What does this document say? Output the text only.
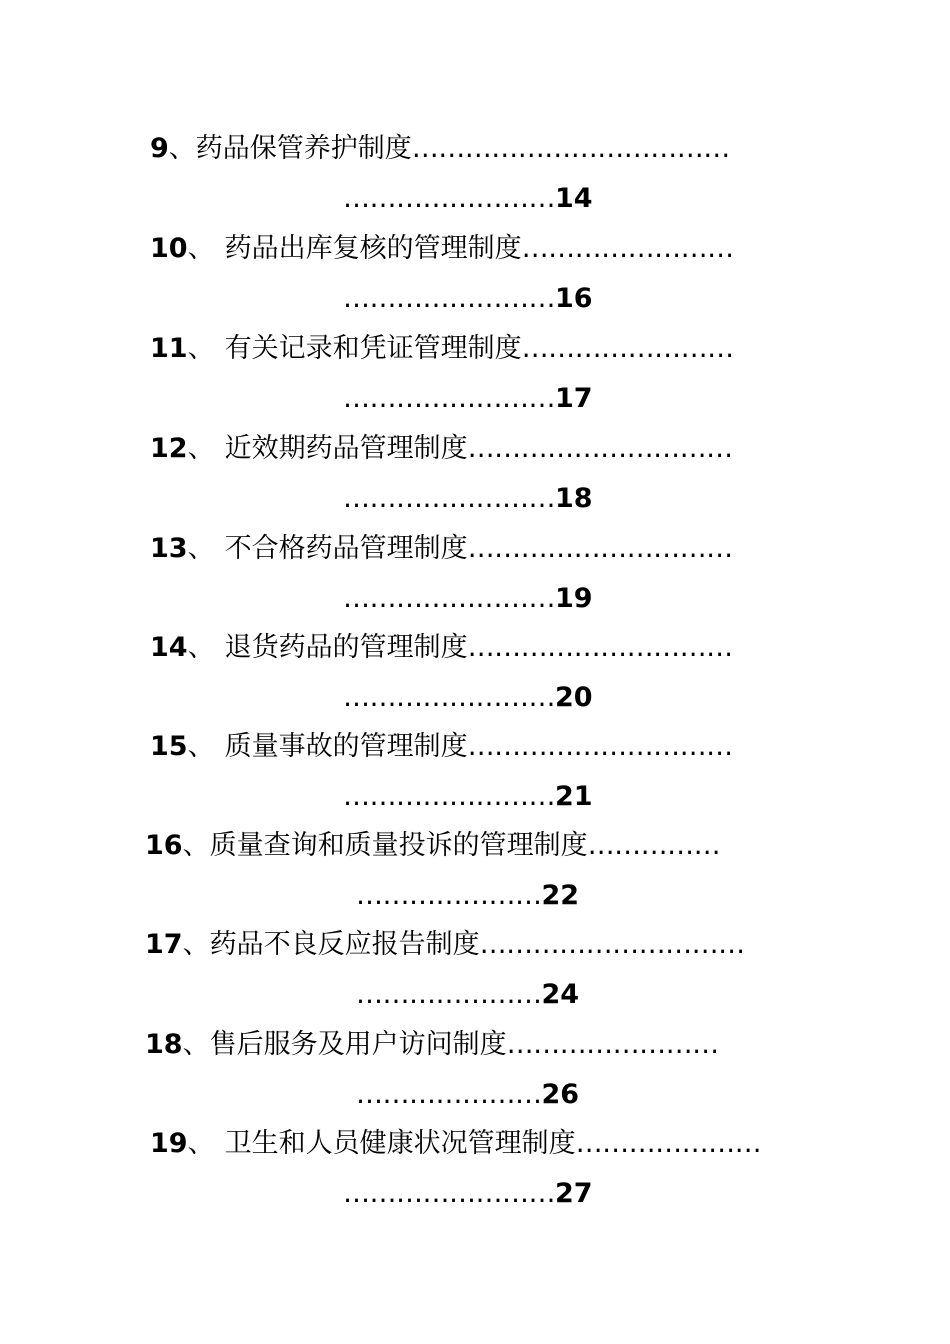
9、药品保管养护制度………………………………
……………………14
10、 药品出库复核的管理制度……………………
……………………16
11、 有关记录和凭证管理制度……………………
……………………17
12、 近效期药品管理制度…………………………
……………………18
13、 不合格药品管理制度…………………………
……………………19
14、 退货药品的管理制度…………………………
……………………20
15、 质量事故的管理制度…………………………
……………………21
16、质量查询和质量投诉的管理制度……………
…………………22
17、药品不良反应报告制度…………………………
…………………24
18、售后服务及用户访问制度……………………
…………………26
19、 卫生和人员健康状况管理制度…………………
……………………27
